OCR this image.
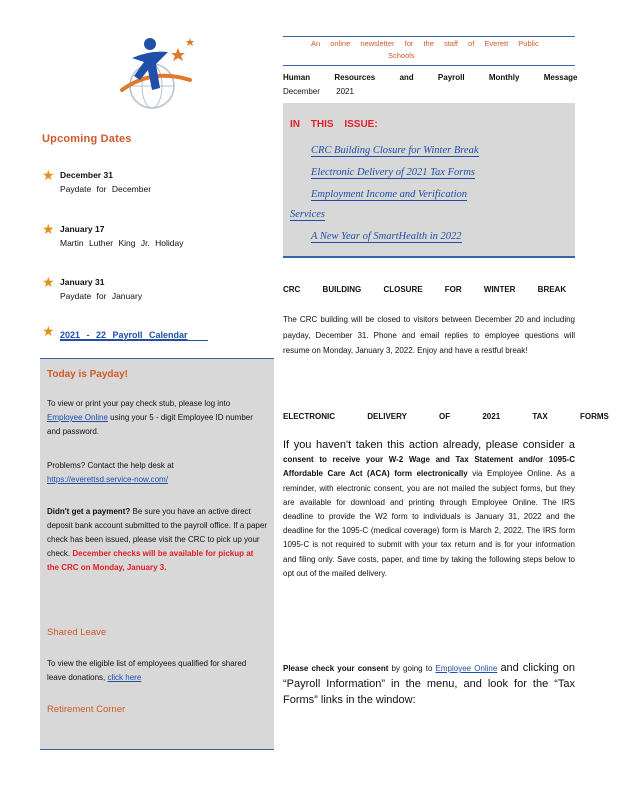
Upcoming Dates
★ December 31
Paydate for December
★ January 17
Martin Luther King Jr. Holiday
★ January 31
Paydate for January
★ 2021 - 22 Payroll Calendar
Today is Payday!
To view or print your pay check stub, please log into Employee Online using your 5 - digit Employee ID number and password.
Problems? Contact the help desk at
https://everettsd.service-now.com/
Didn't get a payment? Be sure you have an active direct deposit bank account submitted to the payroll office. If a paper check has been issued, please visit the CRC to pick up your check. December checks will be available for pickup at the CRC on Monday, January 3.
Shared Leave
To view the eligible list of employees qualified for shared leave donations, click here
Retirement Corner
An online newsletter for the staff of Everett Public
Schools
Human Resources and Payroll Monthly Message
December 2021
IN THIS ISSUE:
CRC Building Closure for Winter Break
Electronic Delivery of 2021 Tax Forms
Employment Income and Verification
Services
A New Year of SmartHealth in 2022
CRC BUILDING CLOSURE FOR WINTER BREAK
The CRC building will be closed to visitors between December 20 and including payday, December 31. Phone and email replies to employee questions will resume on Monday, January 3, 2022. Enjoy and have a restful break!
ELECTRONIC DELIVERY OF 2021 TAX FORMS
If you haven't taken this action already, please consider a consent to receive your W-2 Wage and Tax Statement and/or 1095-C Affordable Care Act (ACA) form electronically via Employee Online. As a reminder, with electronic consent, you are not mailed the subject forms, but they are available for download and printing through Employee Online. The IRS deadline to provide the W2 form to individuals is January 31, 2022 and the deadline for the 1095-C (medical coverage) form is March 2, 2022. The IRS form 1095-C is not required to submit with your tax return and is for your information and filing only. Save costs, paper, and time by taking the following steps below to opt out of the mailed delivery.
Please check your consent by going to Employee Online and clicking on “Payroll Information” in the menu, and look for the “Tax Forms” links in the window:
